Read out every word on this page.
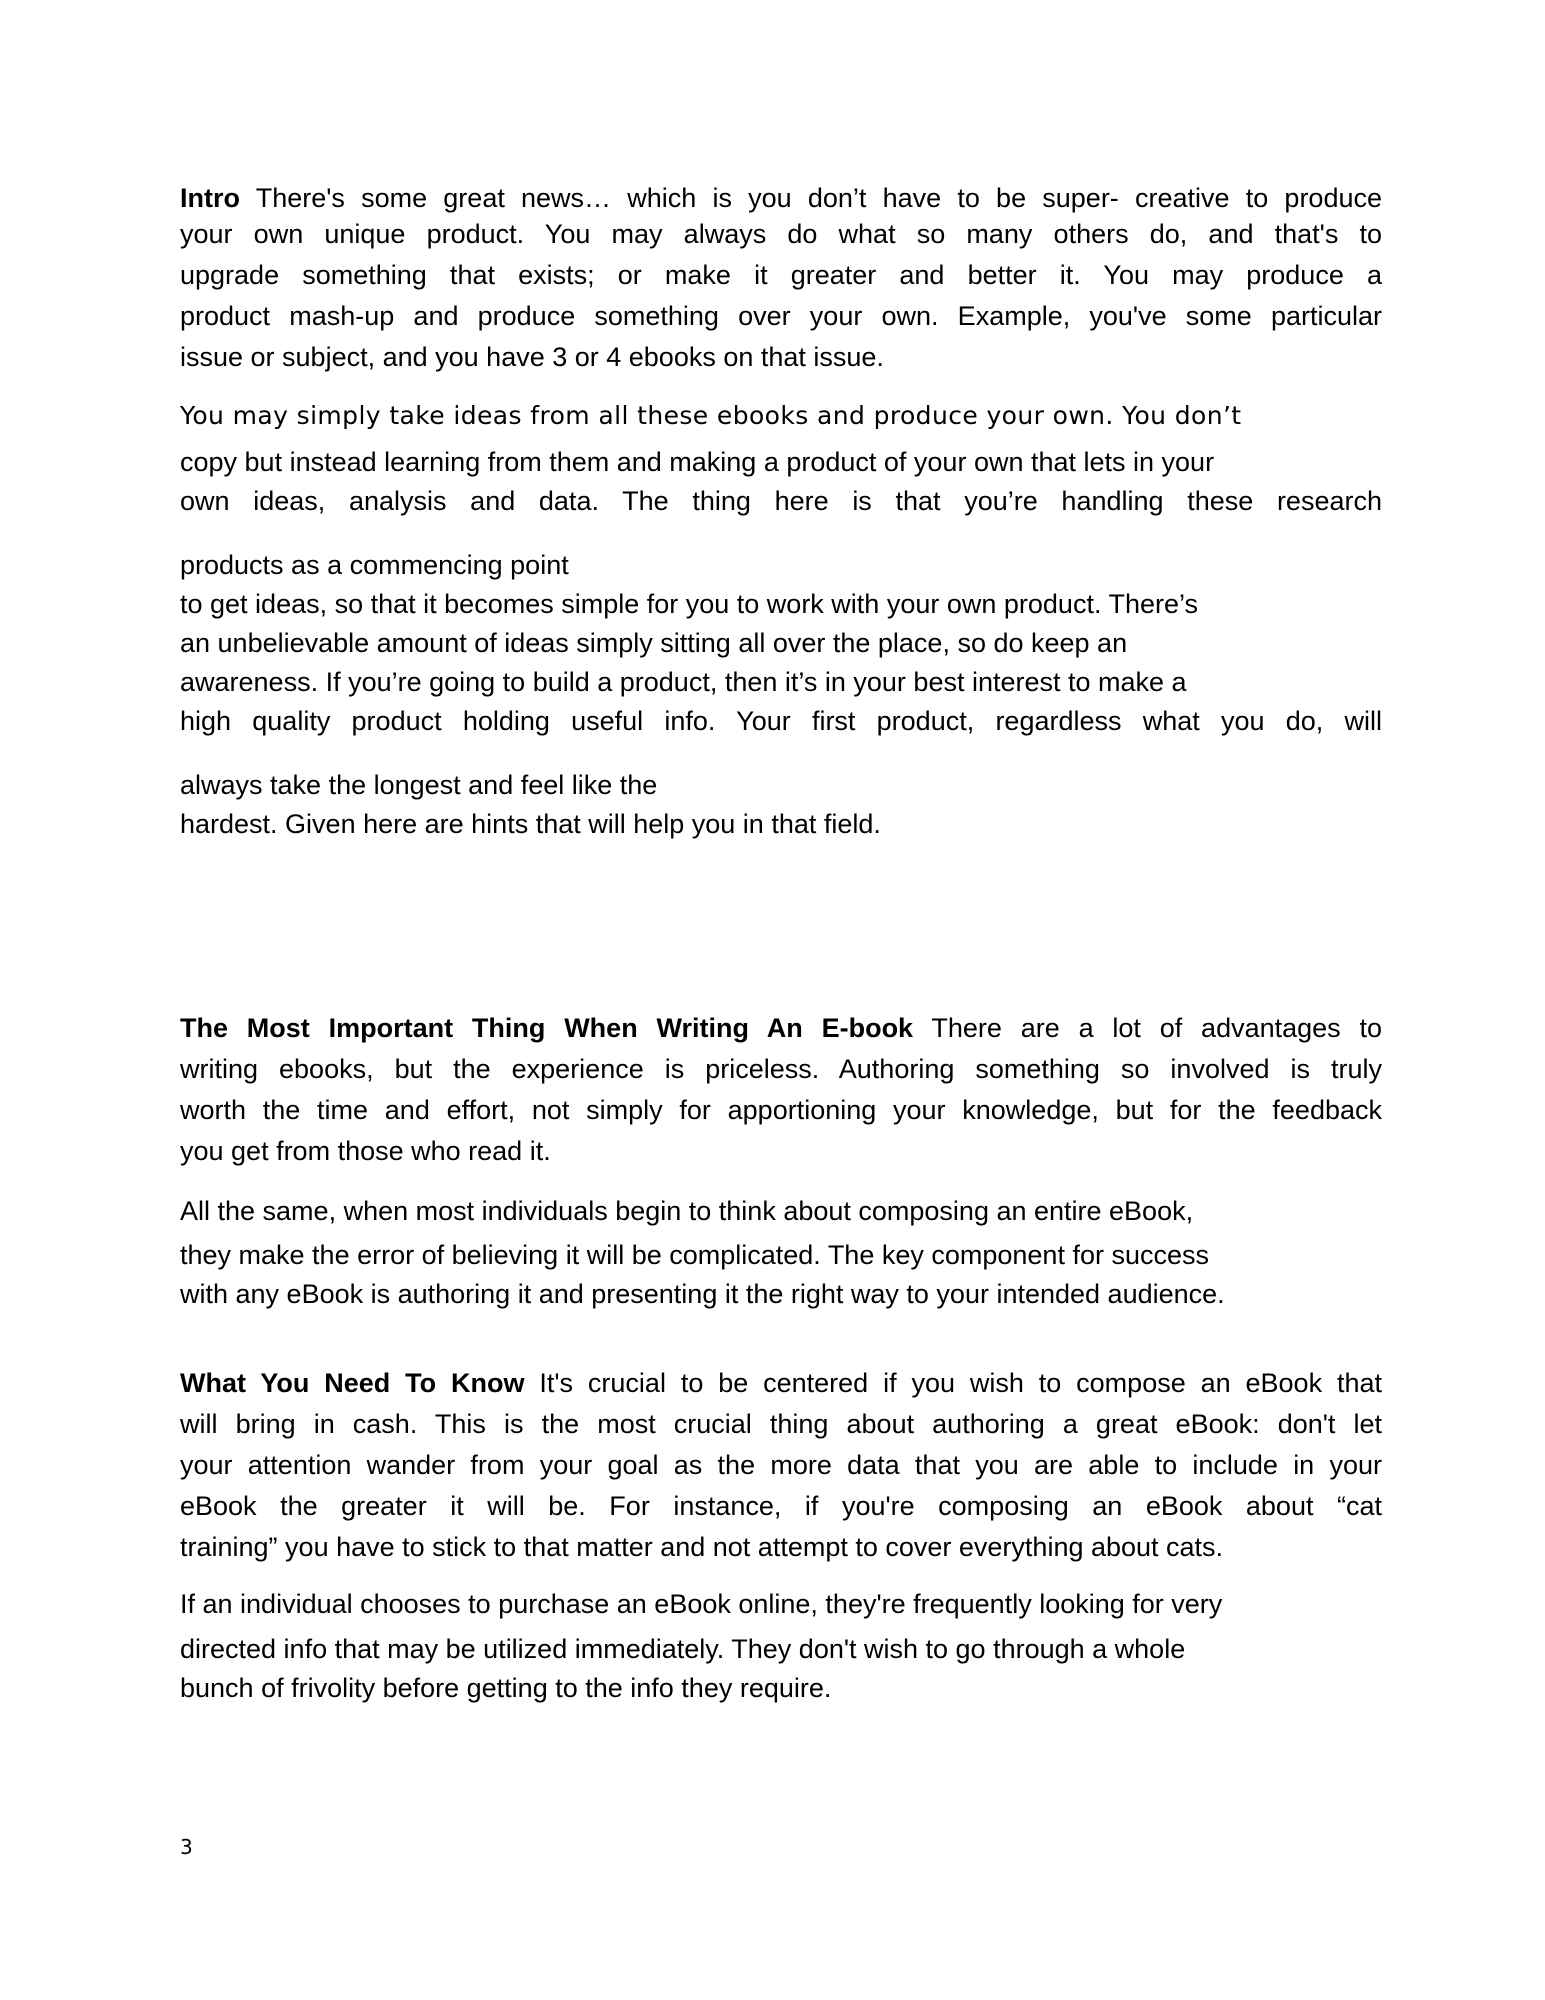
Intro There's some great news… which is you don’t have to be super- creative to produce
your own unique product. You may always do what so many others do, and that's to
upgrade something that exists; or make it greater and better it. You may produce a
product mash-up and produce something over your own. Example, you've some particular
issue or subject, and you have 3 or 4 ebooks on that issue.
You may simply take ideas from all these ebooks and produce your own. You don’t
copy but instead learning from them and making a product of your own that lets in your
own ideas, analysis and data. The thing here is that you’re handling these research
products as a commencing point
to get ideas, so that it becomes simple for you to work with your own product. There’s
an unbelievable amount of ideas simply sitting all over the place, so do keep an
awareness. If you’re going to build a product, then it’s in your best interest to make a
high quality product holding useful info. Your first product, regardless what you do, will
always take the longest and feel like the
hardest. Given here are hints that will help you in that field.
The Most Important Thing When Writing An E-book There are a lot of advantages to
writing ebooks, but the experience is priceless. Authoring something so involved is truly
worth the time and effort, not simply for apportioning your knowledge, but for the feedback
you get from those who read it.
All the same, when most individuals begin to think about composing an entire eBook,
they make the error of believing it will be complicated. The key component for success
with any eBook is authoring it and presenting it the right way to your intended audience.
What You Need To Know It's crucial to be centered if you wish to compose an eBook that
will bring in cash. This is the most crucial thing about authoring a great eBook: don't let
your attention wander from your goal as the more data that you are able to include in your
eBook the greater it will be. For instance, if you're composing an eBook about “cat
training” you have to stick to that matter and not attempt to cover everything about cats.
If an individual chooses to purchase an eBook online, they're frequently looking for very
directed info that may be utilized immediately. They don't wish to go through a whole
bunch of frivolity before getting to the info they require.
3
